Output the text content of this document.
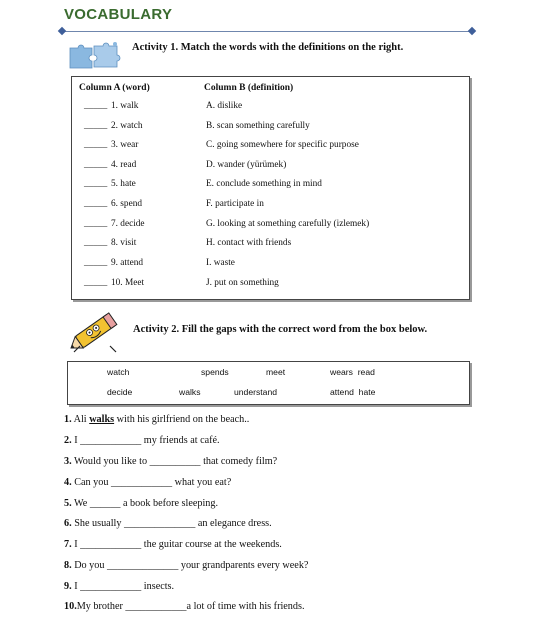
VOCABULARY
Activity 1. Match the words with the definitions on the right.
Column A (word)	Column B (definition)
_____ 1. walk	A. dislike
_____ 2. watch	B. scan something carefully
_____ 3. wear	C. going somewhere for specific purpose
_____ 4. read	D. wander (yürümek)
_____ 5. hate	E. conclude something in mind
_____ 6. spend	F. participate in
_____ 7. decide	G. looking at something carefully (izlemek)
_____ 8. visit	H. contact with friends
_____ 9. attend	I. waste
_____ 10. Meet	J. put on something
Activity 2. Fill the gaps with the correct word from the box below.
watch	spends	meet	wears  read
decide	walks	understand	attend  hate
1. Ali walks with his girlfriend on the beach..
2. I ____________ my friends at café.
3. Would you like to __________ that comedy film?
4. Can you ____________ what you eat?
5. We ______ a book before sleeping.
6. She usually ______________ an elegance dress.
7. I ____________ the guitar course at the weekends.
8. Do you ______________ your grandparents every week?
9. I ____________ insects.
10.My brother ____________a lot of time with his friends.
